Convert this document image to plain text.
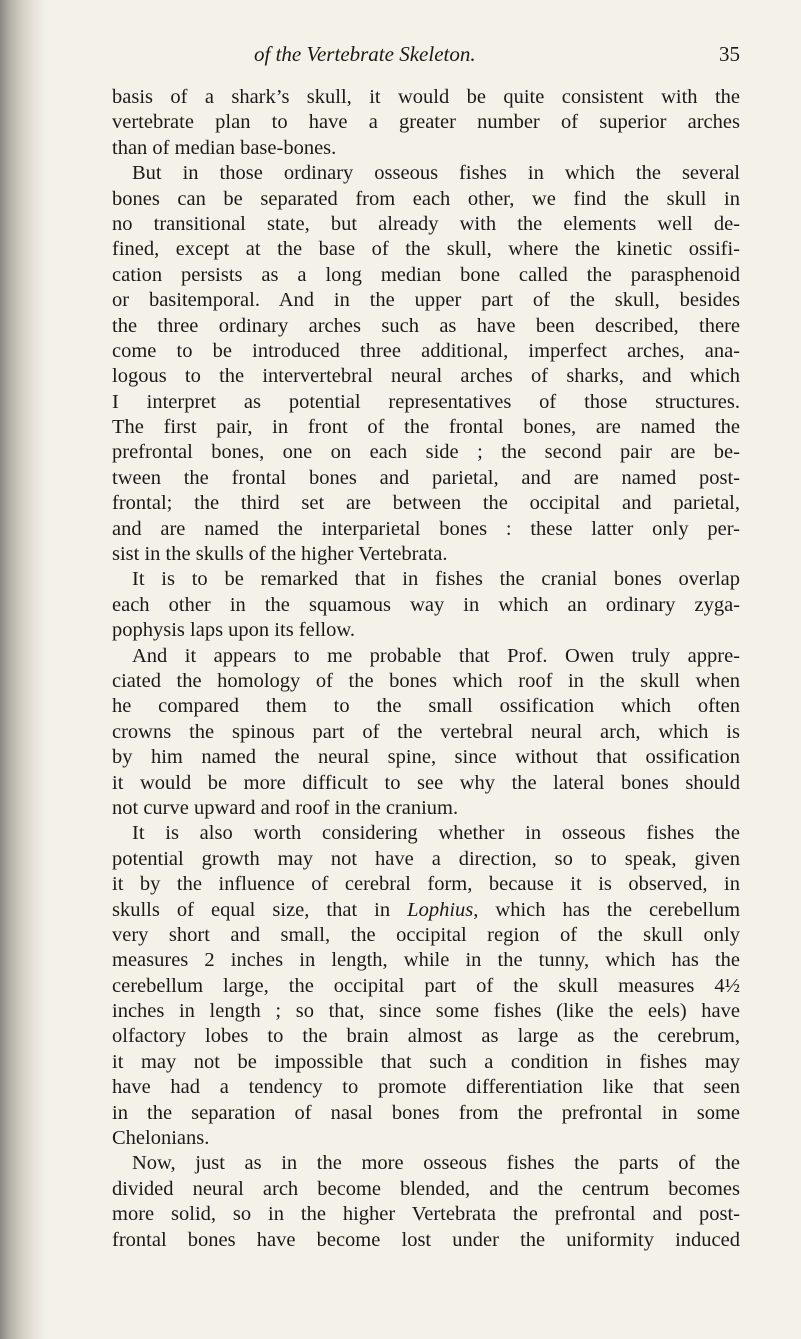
of the Vertebrate Skeleton.	35
basis of a shark’s skull, it would be quite consistent with the
vertebrate plan to have a greater number of superior arches
than of median base-bones.
But in those ordinary osseous fishes in which the several
bones can be separated from each other, we find the skull in
no transitional state, but already with the elements well de-
fined, except at the base of the skull, where the kinetic ossifi-
cation persists as a long median bone called the parasphenoid
or basitemporal. And in the upper part of the skull, besides
the three ordinary arches such as have been described, there
come to be introduced three additional, imperfect arches, ana-
logous to the intervertebral neural arches of sharks, and which
I interpret as potential representatives of those structures.
The first pair, in front of the frontal bones, are named the
prefrontal bones, one on each side ; the second pair are be-
tween the frontal bones and parietal, and are named post-
frontal; the third set are between the occipital and parietal,
and are named the interparietal bones : these latter only per-
sist in the skulls of the higher Vertebrata.
It is to be remarked that in fishes the cranial bones overlap
each other in the squamous way in which an ordinary zyga-
pophysis laps upon its fellow.
And it appears to me probable that Prof. Owen truly appre-
ciated the homology of the bones which roof in the skull when
he compared them to the small ossification which often
crowns the spinous part of the vertebral neural arch, which is
by him named the neural spine, since without that ossification
it would be more difficult to see why the lateral bones should
not curve upward and roof in the cranium.
It is also worth considering whether in osseous fishes the
potential growth may not have a direction, so to speak, given
it by the influence of cerebral form, because it is observed, in
skulls of equal size, that in Lophius, which has the cerebellum
very short and small, the occipital region of the skull only
measures 2 inches in length, while in the tunny, which has the
cerebellum large, the occipital part of the skull measures 4½
inches in length ; so that, since some fishes (like the eels) have
olfactory lobes to the brain almost as large as the cerebrum,
it may not be impossible that such a condition in fishes may
have had a tendency to promote differentiation like that seen
in the separation of nasal bones from the prefrontal in some
Chelonians.
Now, just as in the more osseous fishes the parts of the
divided neural arch become blended, and the centrum becomes
more solid, so in the higher Vertebrata the prefrontal and post-
frontal bones have become lost under the uniformity induced
